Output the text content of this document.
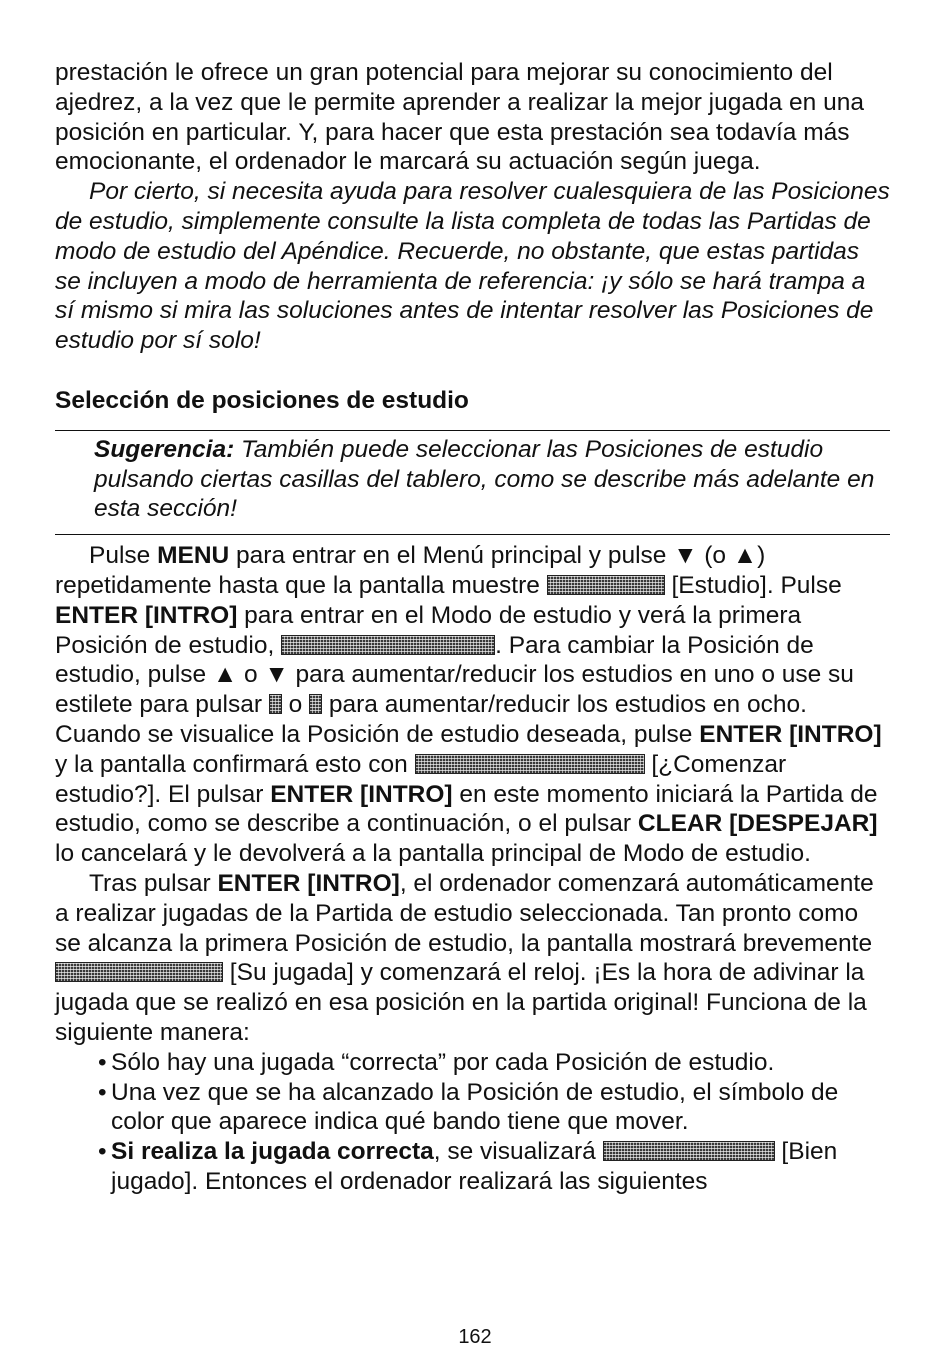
prestación le ofrece un gran potencial para mejorar su conocimiento del ajedrez, a la vez que le permite aprender a realizar la mejor jugada en una posición en particular. Y, para hacer que esta prestación sea todavía más emocionante, el ordenador le marcará su actuación según juega.

Por cierto, si necesita ayuda para resolver cualesquiera de las Posiciones de estudio, simplemente consulte la lista completa de todas las Partidas de modo de estudio del Apéndice. Recuerde, no obstante, que estas partidas se incluyen a modo de herramienta de referencia: ¡y sólo se hará trampa a sí mismo si mira las soluciones antes de intentar resolver las Posiciones de estudio por sí solo!

Selección de posiciones de estudio
Sugerencia: También puede seleccionar las Posiciones de estudio pulsando ciertas casillas del tablero, como se describe más adelante en esta sección!

Pulse MENU para entrar en el Menú principal y pulse ▼ (o ▲) repetidamente hasta que la pantalla muestre	[Estudio]. Pulse ENTER [INTRO] para entrar en el Modo de estudio y verá la primera Posición de estudio,	. Para cambiar la Posición de estudio, pulse ▲ o ▼ para aumentar/reducir los estudios en uno o use su estilete para pulsar  o  para aumentar/reducir los estudios en ocho. Cuando se visualice la Posición de estudio deseada, pulse ENTER [INTRO] y la pantalla confirmará esto con	[¿Comenzar estudio?]. El pulsar ENTER [INTRO] en este momento iniciará la Partida de estudio, como se describe a continuación, o el pulsar CLEAR [DESPEJAR] lo cancelará y le devolverá a la pantalla principal de Modo de estudio.

Tras pulsar ENTER [INTRO], el ordenador comenzará automáticamente a realizar jugadas de la Partida de estudio seleccionada. Tan pronto como se alcanza la primera Posición de estudio, la pantalla mostrará brevemente  [Su jugada] y comenzará el reloj. ¡Es la hora de adivinar la jugada que se realizó en esa posición en la partida original! Funciona de la siguiente manera:

• Sólo hay una jugada “correcta” por cada Posición de estudio.
• Una vez que se ha alcanzado la Posición de estudio, el símbolo de color que aparece indica qué bando tiene que mover.
• Si realiza la jugada correcta, se visualizará	[Bien jugado]. Entonces el ordenador realizará las siguientes
162
